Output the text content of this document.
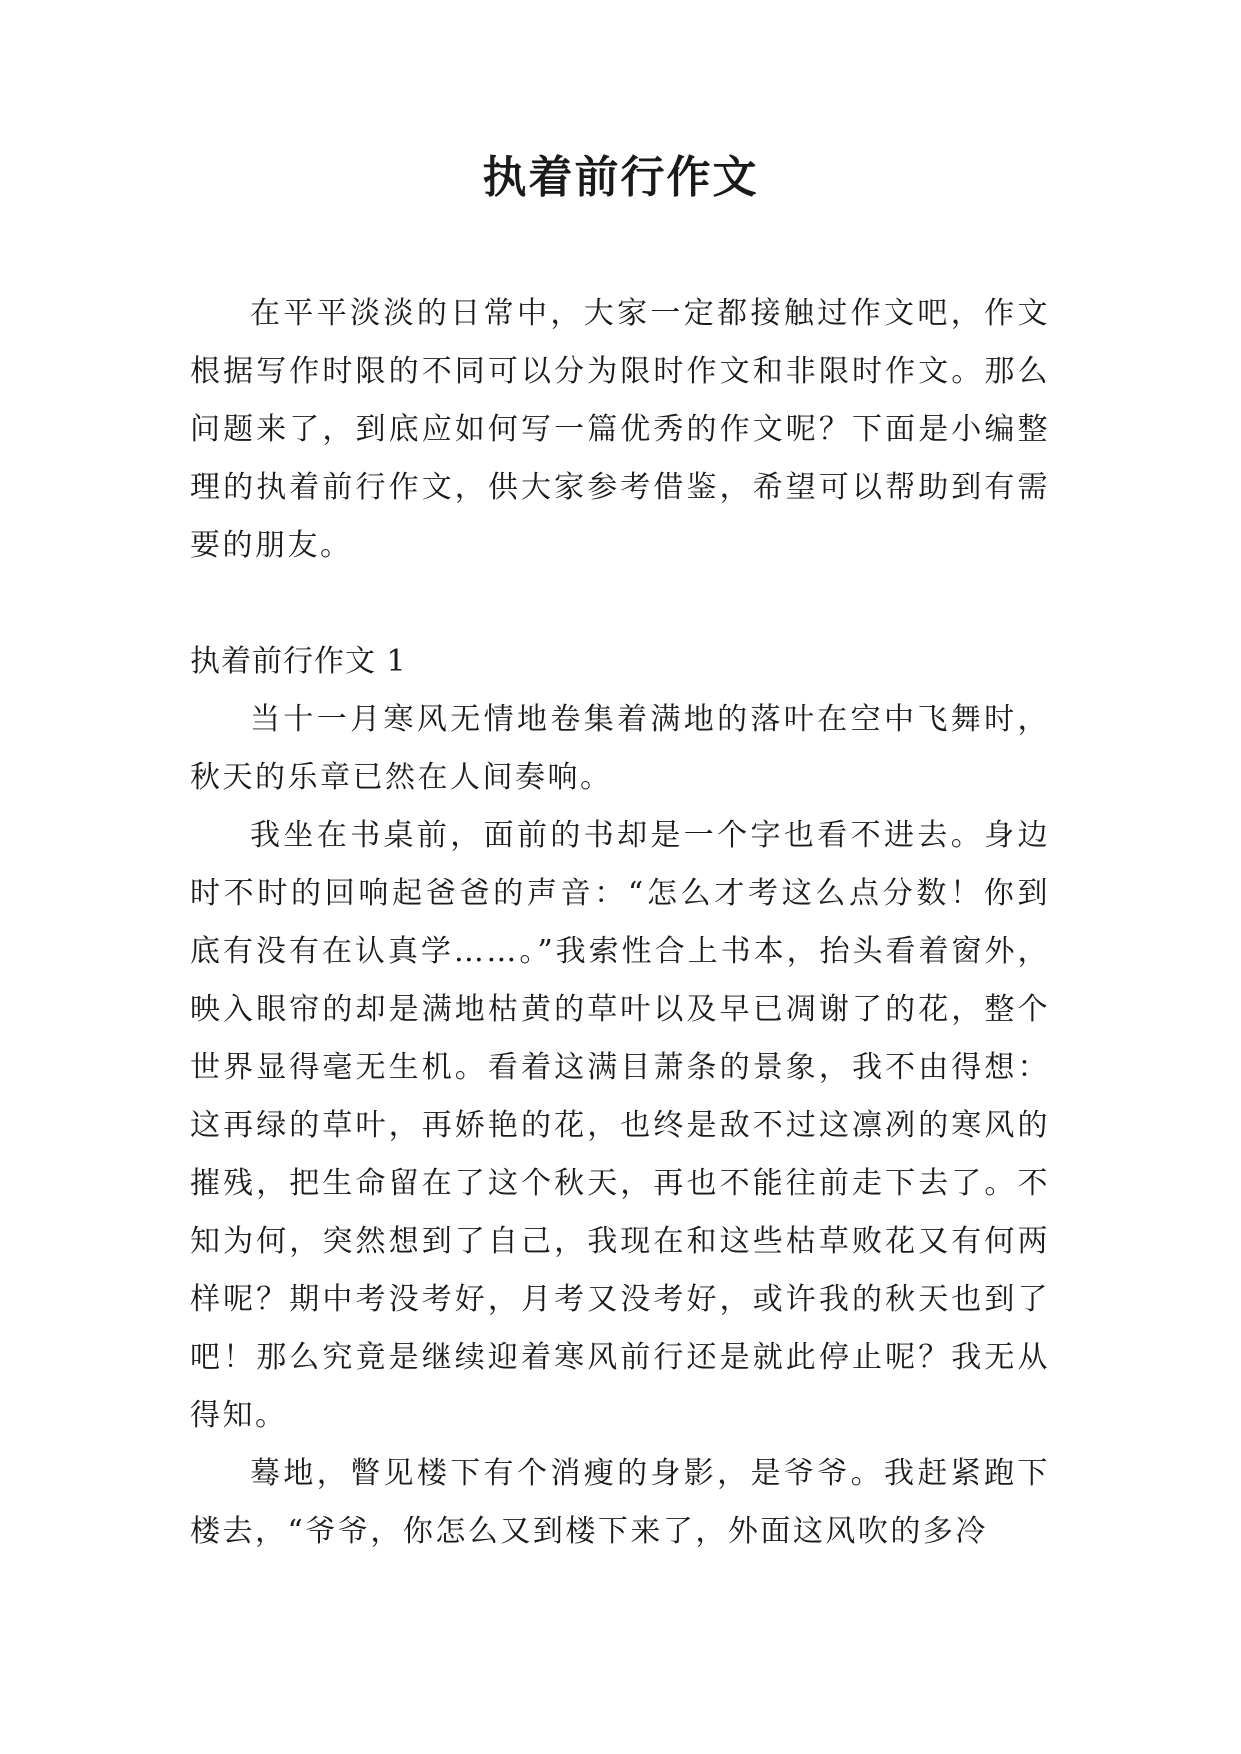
执着前行作文

在平平淡淡的日常中，大家一定都接触过作文吧，作文根据写作时限的不同可以分为限时作文和非限时作文。那么问题来了，到底应如何写一篇优秀的作文呢？下面是小编整理的执着前行作文，供大家参考借鉴，希望可以帮助到有需要的朋友。

执着前行作文 1

当十一月寒风无情地卷集着满地的落叶在空中飞舞时，秋天的乐章已然在人间奏响。

我坐在书桌前，面前的书却是一个字也看不进去。身边时不时的回响起爸爸的声音：“怎么才考这么点分数！你到底有没有在认真学……。”我索性合上书本，抬头看着窗外，映入眼帘的却是满地枯黄的草叶以及早已凋谢了的花，整个世界显得毫无生机。看着这满目萧条的景象，我不由得想：这再绿的草叶，再娇艳的花，也终是敌不过这凛冽的寒风的摧残，把生命留在了这个秋天，再也不能往前走下去了。不知为何，突然想到了自己，我现在和这些枯草败花又有何两样呢？期中考没考好，月考又没考好，或许我的秋天也到了吧！那么究竟是继续迎着寒风前行还是就此停止呢？我无从得知。

蓦地，瞥见楼下有个消瘦的身影，是爷爷。我赶紧跑下楼去，“爷爷，你怎么又到楼下来了，外面这风吹的多冷
